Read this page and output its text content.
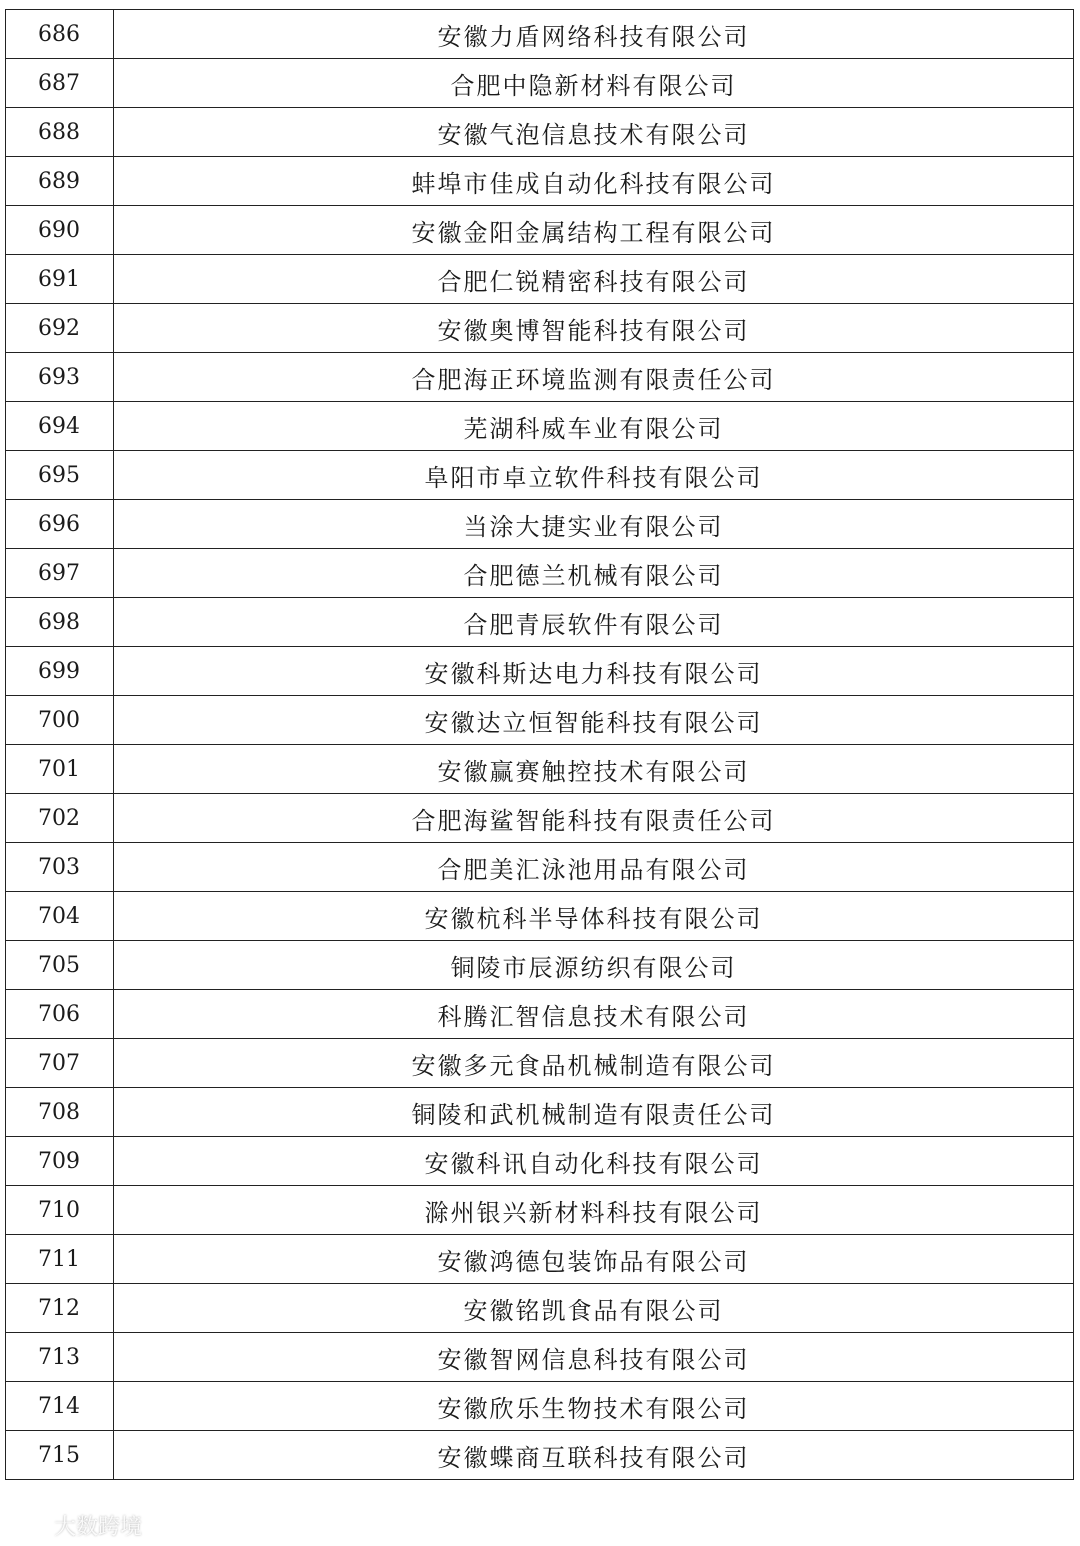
686	安徽力盾网络科技有限公司
687	合肥中隐新材料有限公司
688	安徽气泡信息技术有限公司
689	蚌埠市佳成自动化科技有限公司
690	安徽金阳金属结构工程有限公司
691	合肥仁锐精密科技有限公司
692	安徽奥博智能科技有限公司
693	合肥海正环境监测有限责任公司
694	芜湖科威车业有限公司
695	阜阳市卓立软件科技有限公司
696	当涂大捷实业有限公司
697	合肥德兰机械有限公司
698	合肥青辰软件有限公司
699	安徽科斯达电力科技有限公司
700	安徽达立恒智能科技有限公司
701	安徽赢赛触控技术有限公司
702	合肥海鲨智能科技有限责任公司
703	合肥美汇泳池用品有限公司
704	安徽杭科半导体科技有限公司
705	铜陵市辰源纺织有限公司
706	科腾汇智信息技术有限公司
707	安徽多元食品机械制造有限公司
708	铜陵和武机械制造有限责任公司
709	安徽科讯自动化科技有限公司
710	滁州银兴新材料科技有限公司
711	安徽鸿德包装饰品有限公司
712	安徽铭凯食品有限公司
713	安徽智网信息科技有限公司
714	安徽欣乐生物技术有限公司
715	安徽蝶商互联科技有限公司
大数跨境
